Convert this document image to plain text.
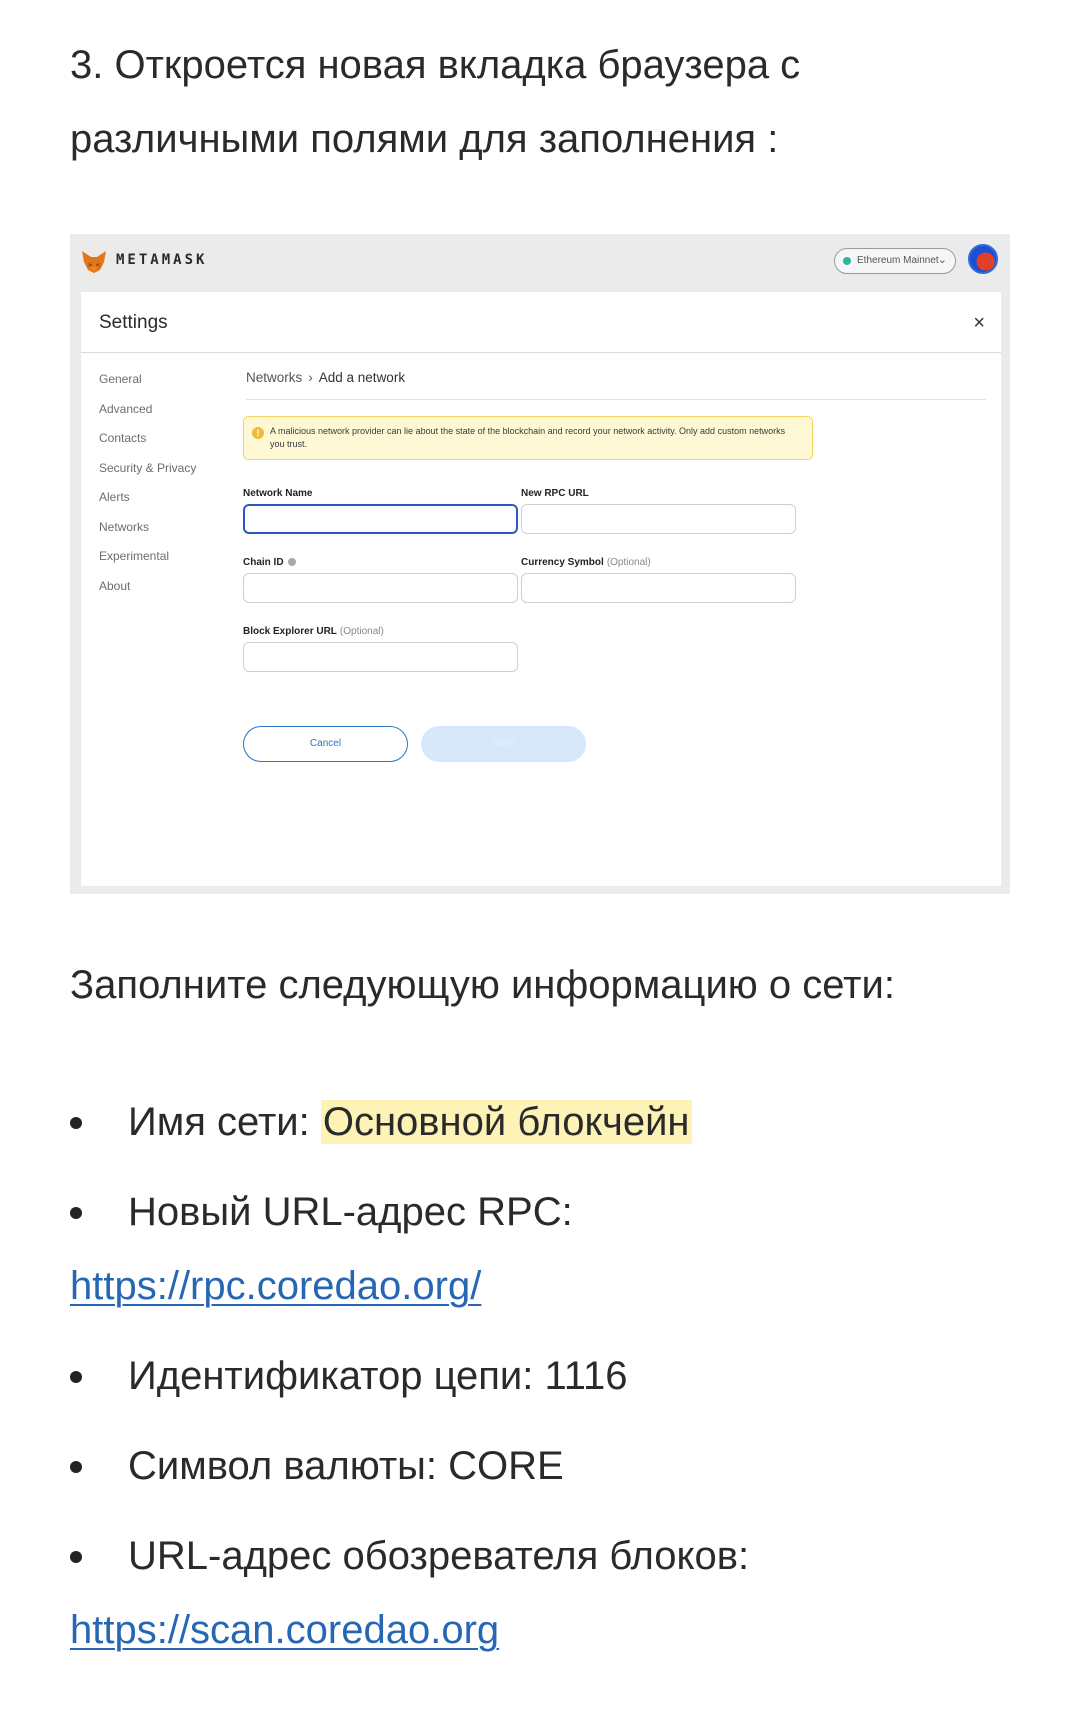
3. Откроется новая вкладка браузера с различными полями для заполнения :

METAMASK	Ethereum Mainnet ⌄
Settings	×
General
Advanced
Contacts
Security & Privacy
Alerts
Networks
Experimental
About
Networks › Add a network
!	A malicious network provider can lie about the state of the blockchain and record your network activity. Only add custom networks you trust.
Network Name	New RPC URL
Chain ID	Currency Symbol (Optional)
Block Explorer URL (Optional)
Cancel	Save

Заполните следующую информацию о сети:

Имя сети: Основной блокчейн
Новый URL-адрес RPC:
https://rpc.coredao.org/
Идентификатор цепи: 1116
Символ валюты: CORE
URL-адрес обозревателя блоков:
https://scan.coredao.org
